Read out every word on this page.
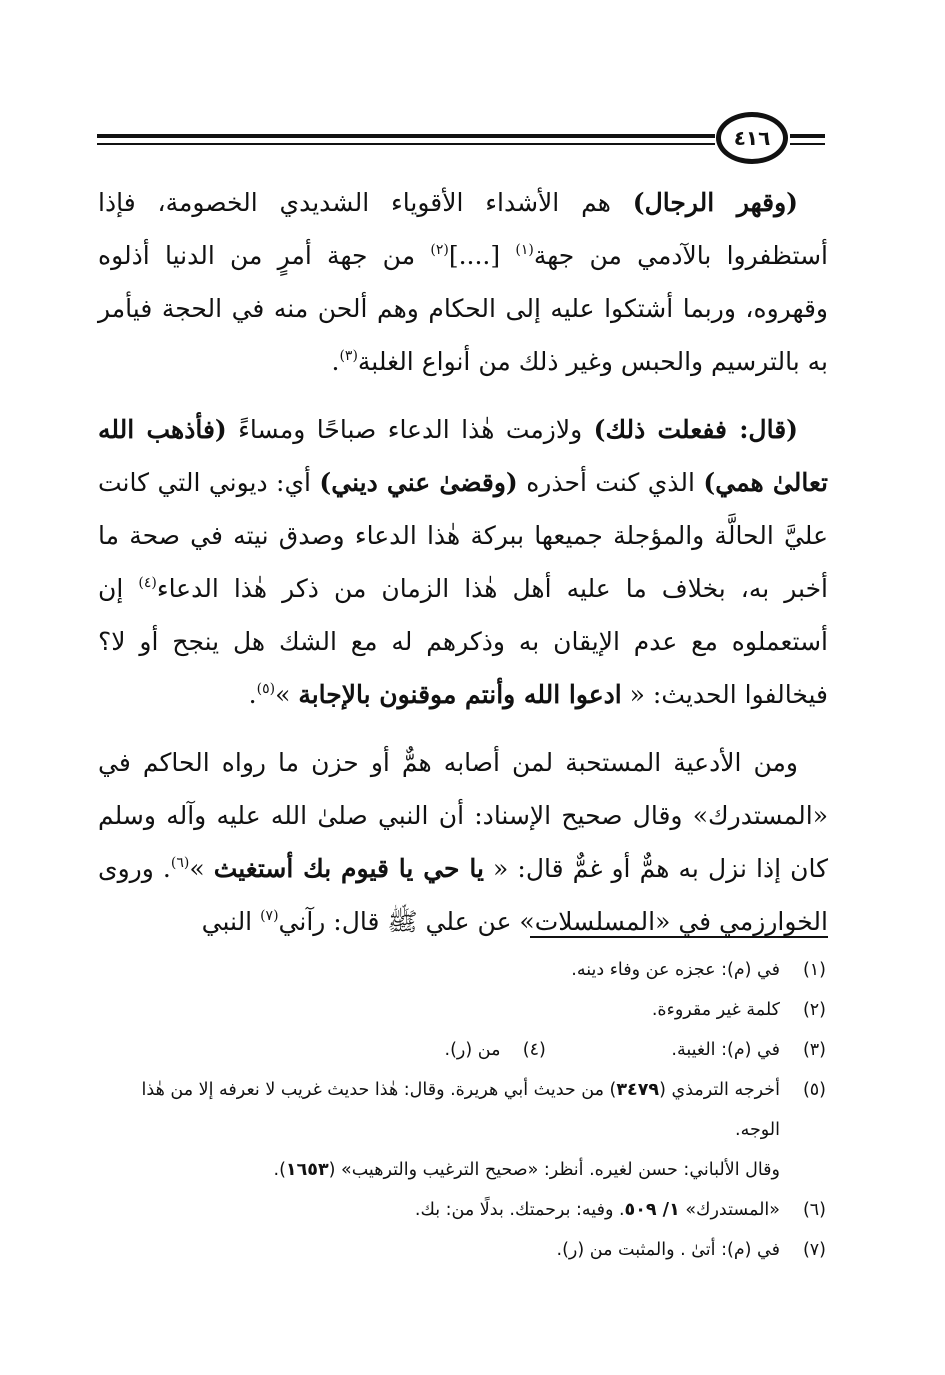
٤١٦

(وقهر الرجال) هم الأشداء الأقوياء الشديدي الخصومة، فإذا أستظفروا بالآدمي من جهة$^{(١)}$ [....]$^{(٢)}$ من جهة أمرٍ من الدنيا أذلوه وقهروه، وربما أشتكوا عليه إلى الحكام وهم ألحن منه في الحجة فيأمر به بالترسيم والحبس وغير ذلك من أنواع الغلبة$^{(٣)}$.

(قال: ففعلت ذلك) ولازمت هٰذا الدعاء صباحًا ومساءً (فأذهب الله تعالىٰ همي) الذي كنت أحذره (وقضىٰ عني ديني) أي: ديوني التي كانت عليَّ الحالَّة والمؤجلة جميعها ببركة هٰذا الدعاء وصدق نيته في صحة ما أخبر به، بخلاف ما عليه أهل هٰذا الزمان من ذكر هٰذا الدعاء$^{(٤)}$ إن أستعملوه مع عدم الإيقان به وذكرهم له مع الشك هل ينجح أو لا؟ فيخالفوا الحديث: « ادعوا الله وأنتم موقنون بالإجابة »$^{(٥)}$.

ومن الأدعية المستحبة لمن أصابه همٌّ أو حزن ما رواه الحاكم في «المستدرك» وقال صحيح الإسناد: أن النبي صلىٰ الله عليه وآله وسلم كان إذا نزل به همٌّ أو غمٌّ قال: « يا حي يا قيوم بك أستغيث »$^{(٦)}$. وروى الخوارزمي في «المسلسلات» عن علي ﷺ قال: رآني$^{(٧)}$ النبي

(١)
في (م): عجزه عن وفاء دينه.
(٢)
كلمة غير مقروءة.
(٣)
في (م): الغيبة. (٤)    من (ر).
(٥)
أخرجه الترمذي (٣٤٧٩) من حديث أبي هريرة. وقال: هٰذا حديث غريب لا نعرفه إلا من هٰذا الوجه.
وقال الألباني: حسن لغيره. أنظر: «صحيح الترغيب والترهيب» (١٦٥٣).
(٦)
«المستدرك» ١/ ٥٠٩. وفيه: برحمتك. بدلًا من: بك.
(٧)
في (م): أتىٰ . والمثبت من (ر).
